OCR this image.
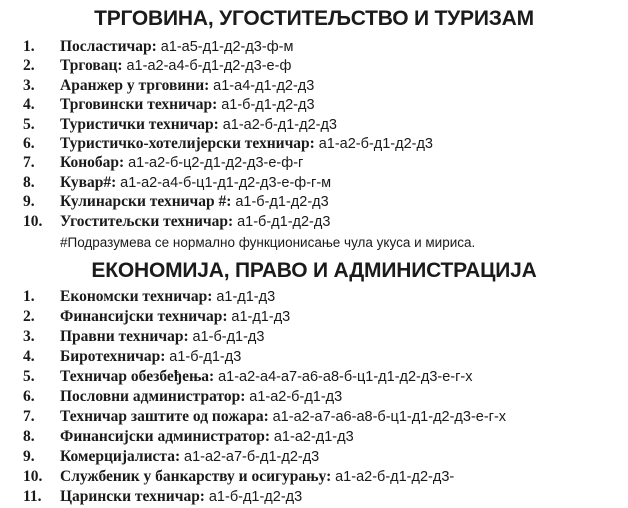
ТРГОВИНА, УГОСТИТЕЉСТВО И ТУРИЗАМ
1. Посластичар: а1-а5-д1-д2-д3-ф-м
2. Трговац: а1-а2-а4-б-д1-д2-д3-е-ф
3. Аранжер у трговини: а1-а4-д1-д2-д3
4. Трговински техничар: а1-б-д1-д2-д3
5. Туристички техничар: а1-а2-б-д1-д2-д3
6. Туристичко-хотелијерски техничар: а1-а2-б-д1-д2-д3
7. Конобар: а1-а2-б-ц2-д1-д2-д3-е-ф-г
8. Кувар#: а1-а2-а4-б-ц1-д1-д2-д3-е-ф-г-м
9. Кулинарски техничар #: а1-б-д1-д2-д3
10. Угоститељски техничар: а1-б-д1-д2-д3
#Подразумева се нормално функционисање чула укуса и мириса.
ЕКОНОМИЈА, ПРАВО И АДМИНИСТРАЦИЈА
1. Економски техничар: а1-д1-д3
2. Финансијски техничар: а1-д1-д3
3. Правни техничар: а1-б-д1-д3
4. Биротехничар: а1-б-д1-д3
5. Техничар обезбеђења: а1-а2-а4-а7-а6-а8-б-ц1-д1-д2-д3-е-г-х
6. Пословни администратор: а1-а2-б-д1-д3
7. Техничар заштите од пожара: а1-а2-а7-а6-а8-б-ц1-д1-д2-д3-е-г-х
8. Финансијски администратор: а1-а2-д1-д3
9. Комерцијалиста: а1-а2-а7-б-д1-д2-д3
10. Службеник у банкарству и осигурању: а1-а2-б-д1-д2-д3-
11. Царински техничар: а1-б-д1-д2-д3
